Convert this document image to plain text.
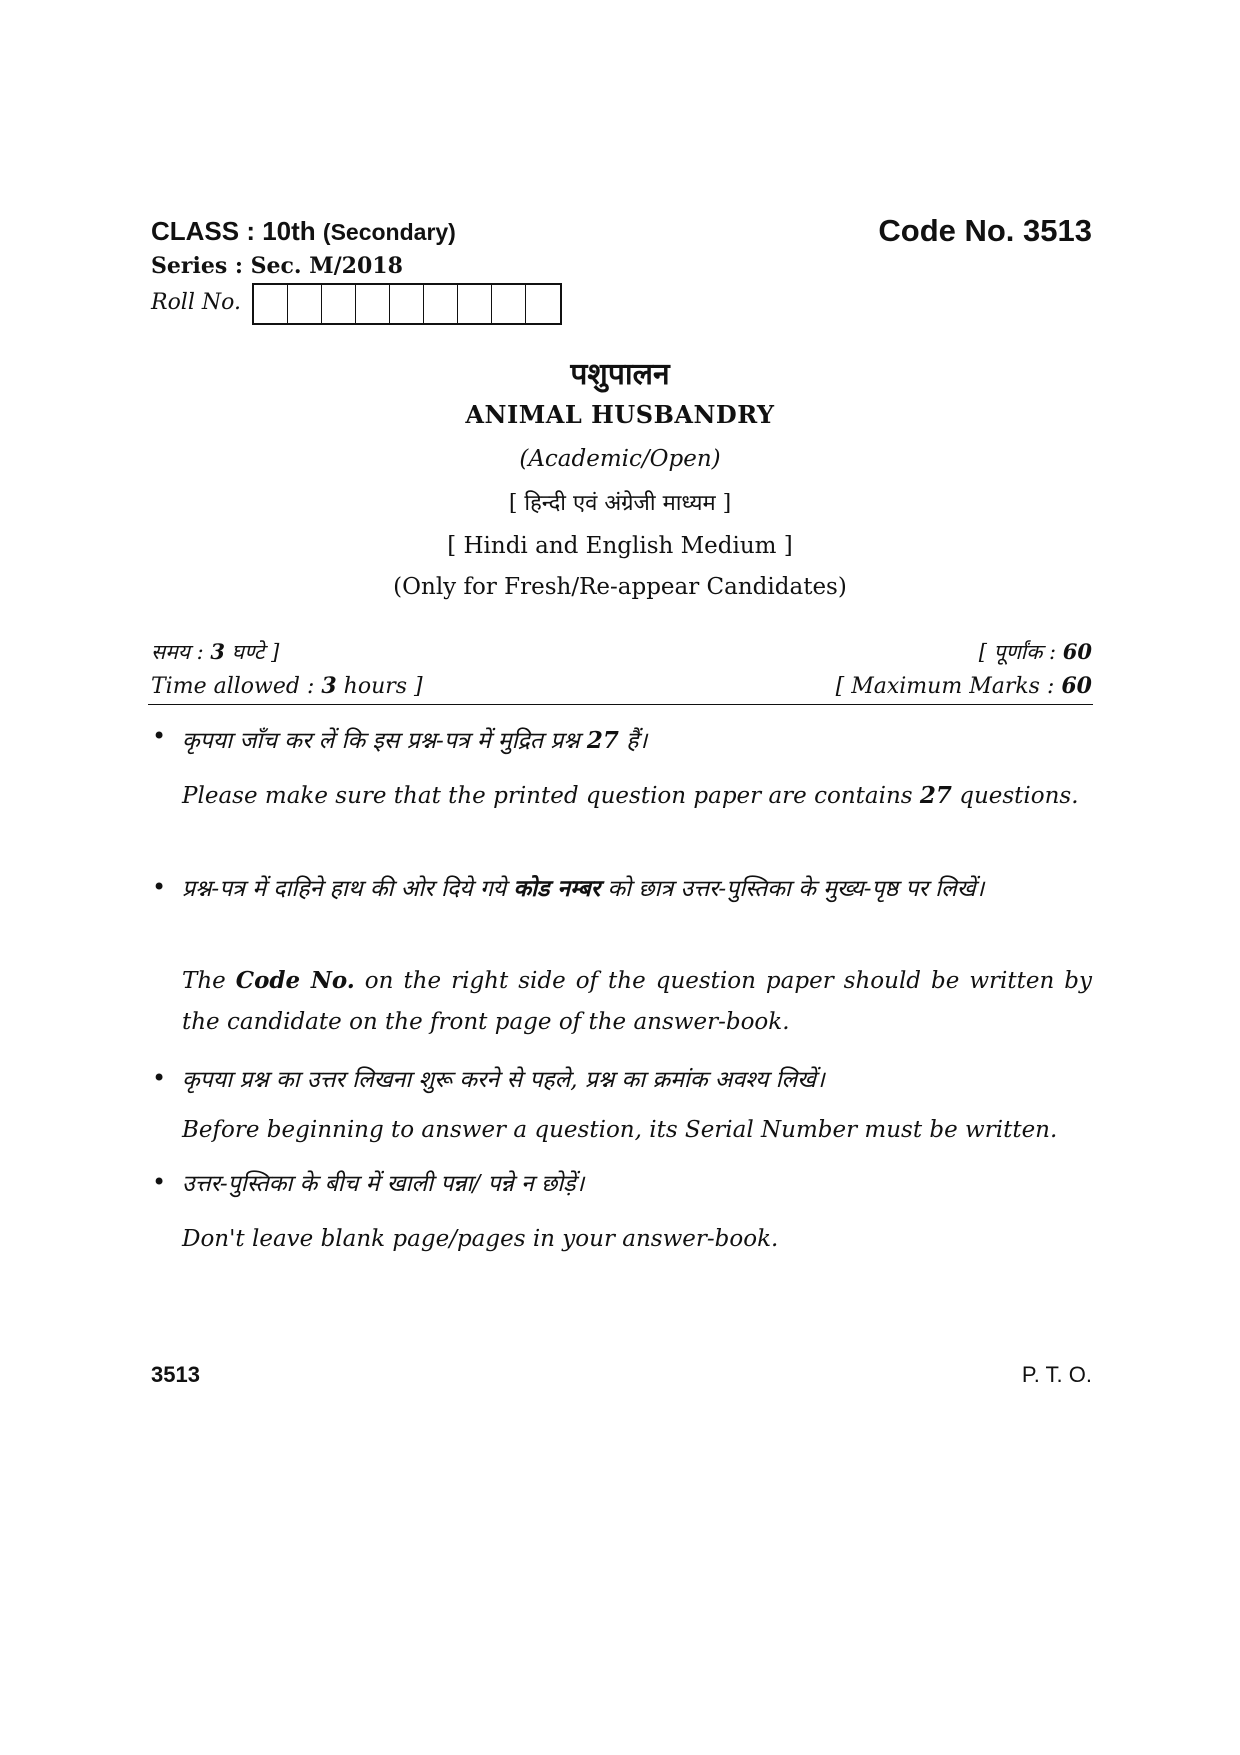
CLASS : 10th (Secondary)
Series : Sec. M/2018
Code No. 3513
Roll No.
पशुपालन
ANIMAL HUSBANDRY
(Academic/Open)
[ हिन्दी एवं अंग्रेजी माध्यम ]
[ Hindi and English Medium ]
(Only for Fresh/Re-appear Candidates)
समय : 3 घण्टे ]
Time allowed : 3 hours ]
[ पूर्णांक : 60
[ Maximum Marks : 60
• कृपया जाँच कर लें कि इस प्रश्न-पत्र में मुद्रित प्रश्न 27 हैं।
Please make sure that the printed question paper are contains 27 questions.
• प्रश्न-पत्र में दाहिने हाथ की ओर दिये गये कोड नम्बर को छात्र उत्तर-पुस्तिका के मुख्य-पृष्ठ पर लिखें।
The Code No. on the right side of the question paper should be written by the candidate on the front page of the answer-book.
• कृपया प्रश्न का उत्तर लिखना शुरू करने से पहले, प्रश्न का क्रमांक अवश्य लिखें।
Before beginning to answer a question, its Serial Number must be written.
• उत्तर-पुस्तिका के बीच में खाली पन्ना/ पन्ने न छोड़ें।
Don't leave blank page/pages in your answer-book.
3513	P. T. O.
